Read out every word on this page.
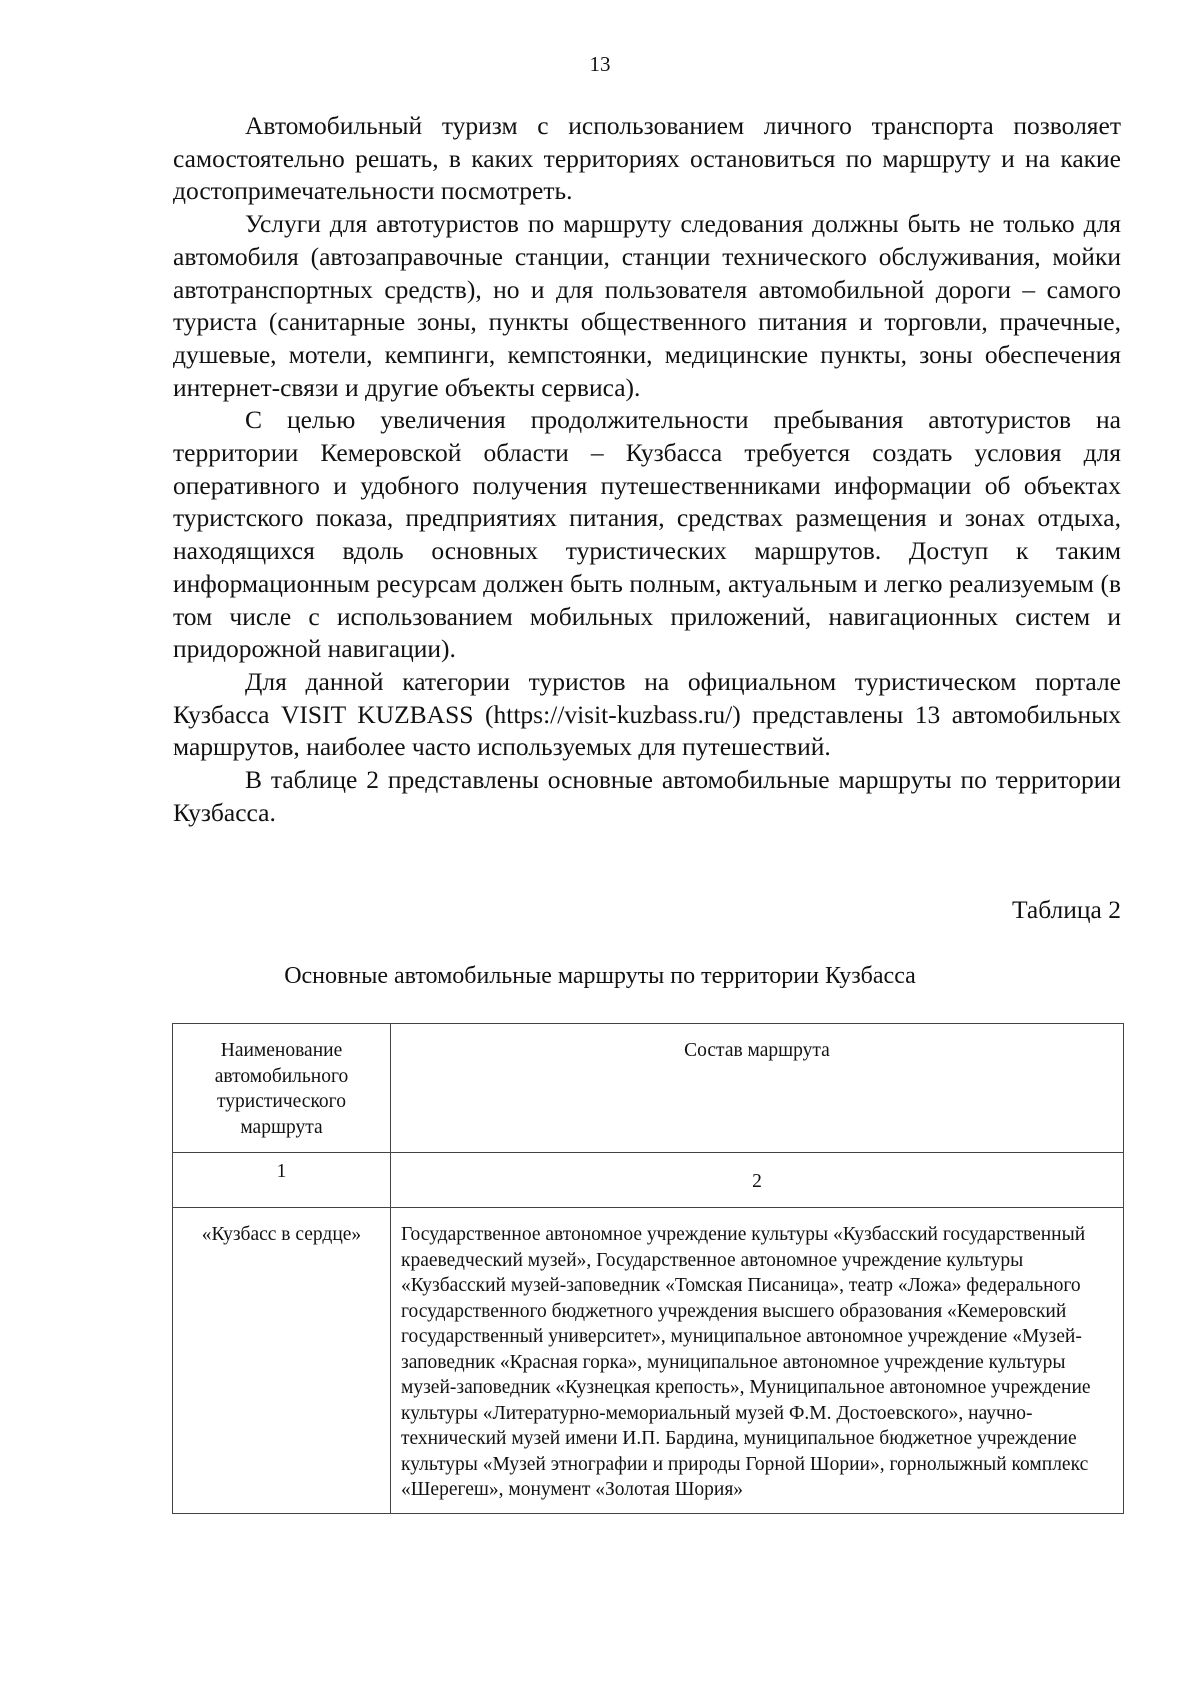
13

Автомобильный туризм с использованием личного транспорта позволяет самостоятельно решать, в каких территориях остановиться по маршруту и на какие достопримечательности посмотреть.

Услуги для автотуристов по маршруту следования должны быть не только для автомобиля (автозаправочные станции, станции технического обслуживания, мойки автотранспортных средств), но и для пользователя автомобильной дороги – самого туриста (санитарные зоны, пункты общественного питания и торговли, прачечные, душевые, мотели, кемпинги, кемпстоянки, медицинские пункты, зоны обеспечения интернет-связи и другие объекты сервиса).

С целью увеличения продолжительности пребывания автотуристов на территории Кемеровской области – Кузбасса требуется создать условия для оперативного и удобного получения путешественниками информации об объектах туристского показа, предприятиях питания, средствах размещения и зонах отдыха, находящихся вдоль основных туристических маршрутов. Доступ к таким информационным ресурсам должен быть полным, актуальным и легко реализуемым (в том числе с использованием мобильных приложений, навигационных систем и придорожной навигации).

Для данной категории туристов на официальном туристическом портале Кузбасса VISIT KUZBASS (https://visit-kuzbass.ru/) представлены 13 автомобильных маршрутов, наиболее часто используемых для путешествий.

В таблице 2 представлены основные автомобильные маршруты по территории Кузбасса.

Таблица 2
Основные автомобильные маршруты по территории Кузбасса
Наименование автомобильного туристического маршрута	Состав маршрута
1	2
«Кузбасс в сердце»	Государственное автономное учреждение культуры «Кузбасский государственный краеведческий музей», Государственное автономное учреждение культуры «Кузбасский музей-заповедник «Томская Писаница», театр «Ложа» федерального государственного бюджетного учреждения высшего образования «Кемеровский государственный университет», муниципальное автономное учреждение «Музей-заповедник «Красная горка», муниципальное автономное учреждение культуры музей-заповедник «Кузнецкая крепость», Муниципальное автономное учреждение культуры «Литературно-мемориальный музей Ф.М. Достоевского», научно-технический музей имени И.П. Бардина, муниципальное бюджетное учреждение культуры «Музей этнографии и природы Горной Шории», горнолыжный комплекс «Шерегеш», монумент «Золотая Шория»
